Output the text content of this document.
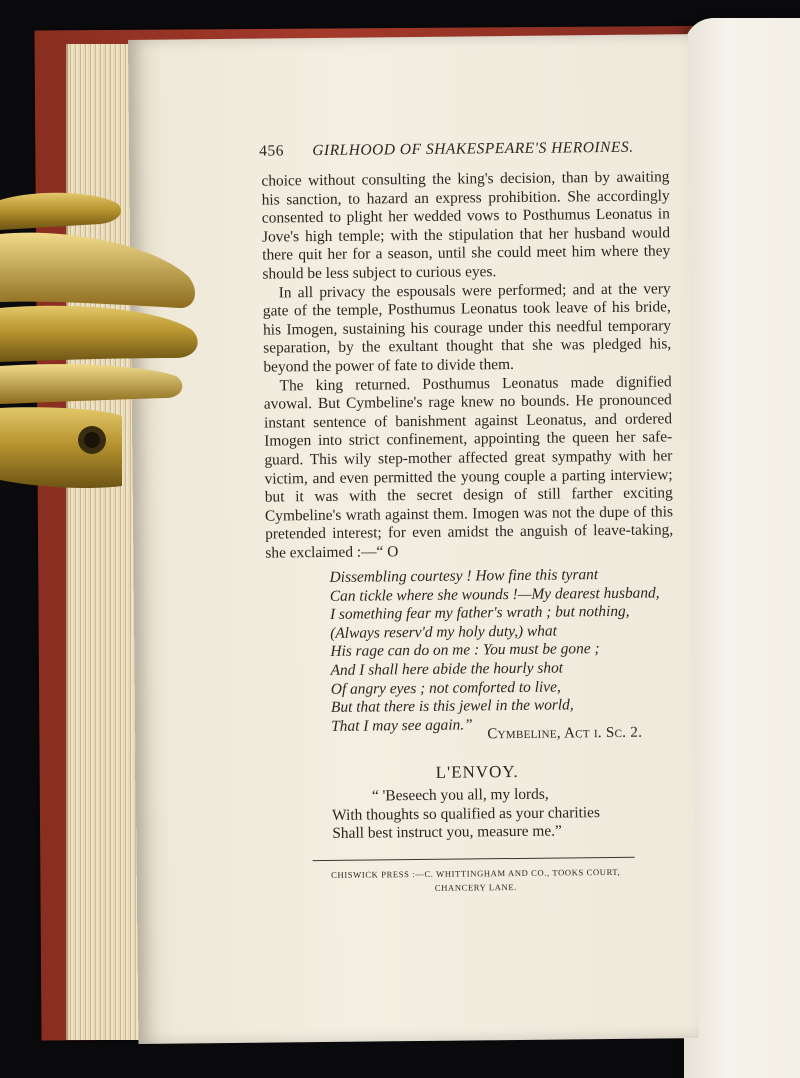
456 GIRLHOOD OF SHAKESPEARE'S HEROINES.

choice without consulting the king's decision, than by awaiting his sanction, to hazard an express prohibition. She accordingly consented to plight her wedded vows to Posthumus Leonatus in Jove's high temple; with the stipulation that her husband would there quit her for a season, until she could meet him where they should be less subject to curious eyes.

In all privacy the espousals were performed; and at the very gate of the temple, Posthumus Leonatus took leave of his bride, his Imogen, sustaining his courage under this needful temporary separation, by the exultant thought that she was pledged his, beyond the power of fate to divide them.

The king returned. Posthumus Leonatus made dignified avowal. But Cymbeline's rage knew no bounds. He pronounced instant sentence of banishment against Leonatus, and ordered Imogen into strict confinement, appointing the queen her safe-guard. This wily step-mother affected great sympathy with her victim, and even permitted the young couple a parting interview; but it was with the secret design of still farther exciting Cymbeline's wrath against them. Imogen was not the dupe of this pretended interest; for even amidst the anguish of leave-taking, she exclaimed :—“ O

Dissembling courtesy ! How fine this tyrant
Can tickle where she wounds !—My dearest husband,
I something fear my father's wrath ; but nothing,
(Always reserv'd my holy duty,) what
His rage can do on me : You must be gone ;
And I shall here abide the hourly shot
Of angry eyes ; not comforted to live,
But that there is this jewel in the world,
That I may see again.” Cymbeline, Act i. Sc. 2.
L'ENVOY.
“ 'Beseech you all, my lords,
With thoughts so qualified as your charities
Shall best instruct you, measure me.”
CHISWICK PRESS :—C. WHITTINGHAM AND CO., TOOKS COURT,
CHANCERY LANE.
